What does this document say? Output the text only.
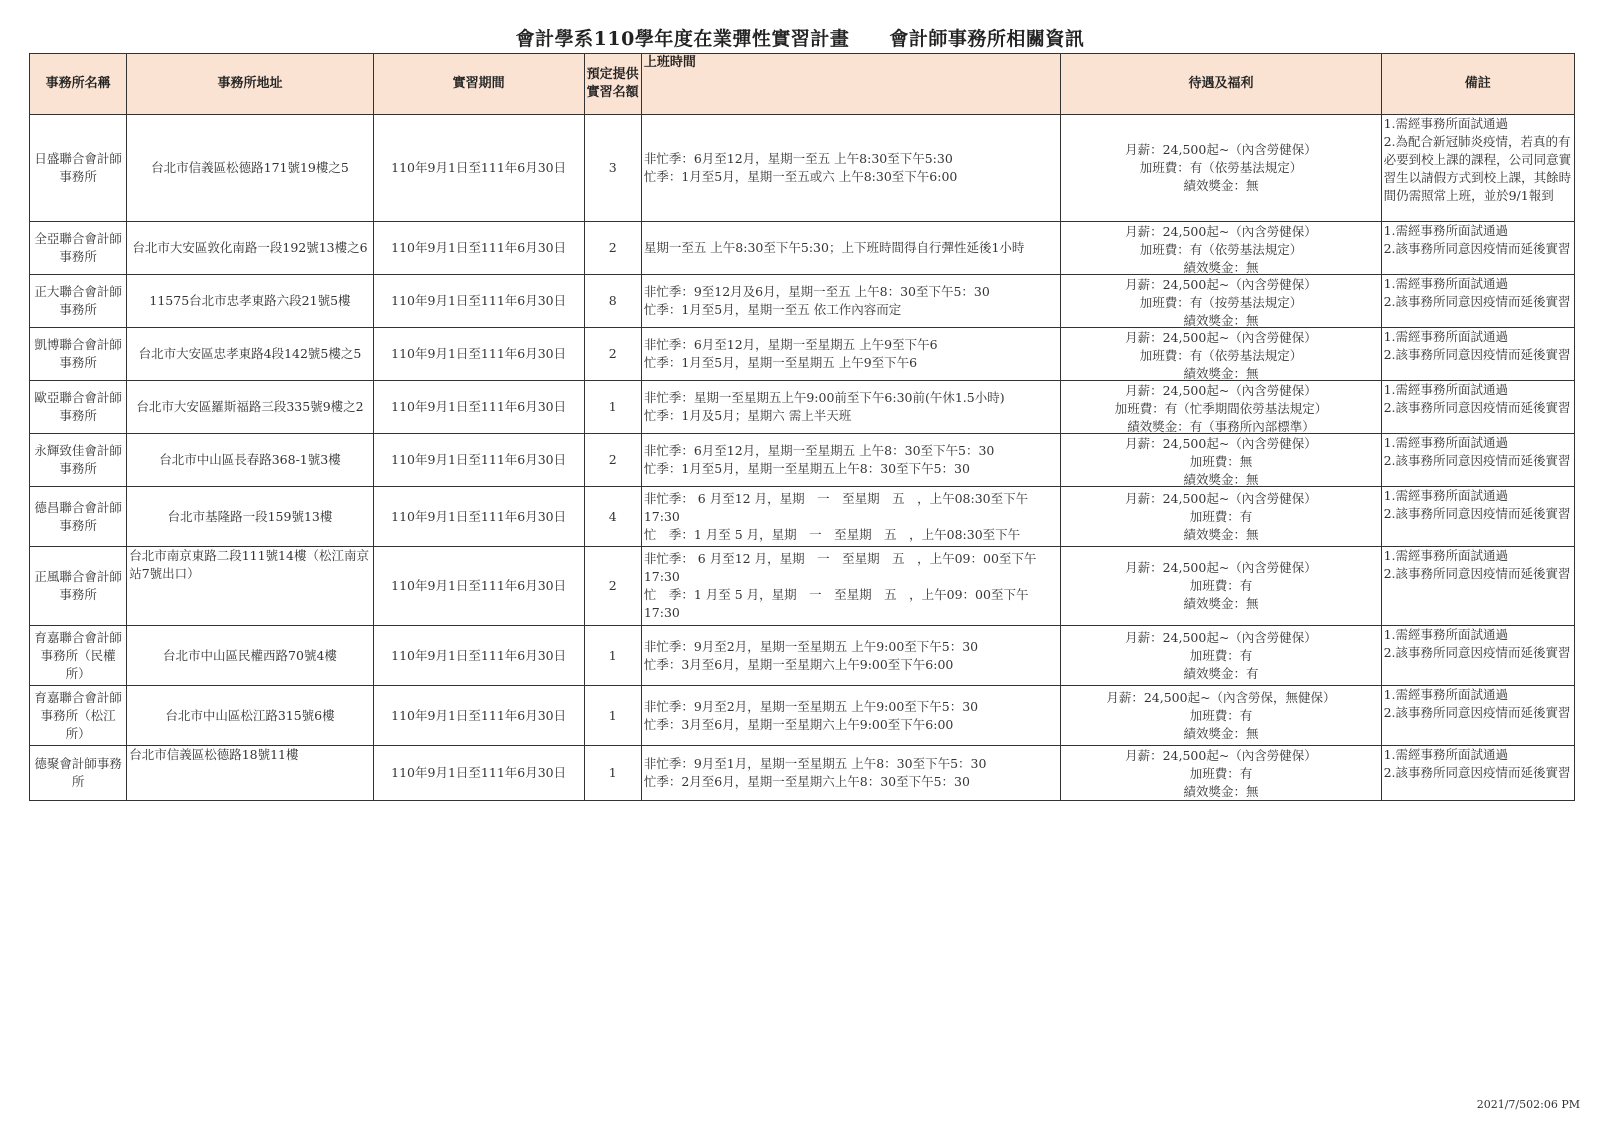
會計學系110學年度在業彈性實習計畫 會計師事務所相關資訊
事務所名稱	事務所地址	實習期間	預定提供實習名額	上班時間	待遇及福利	備註
日盛聯合會計師事務所	台北市信義區松德路171號19樓之5	110年9月1日至111年6月30日	3	非忙季：6月至12月，星期一至五 上午8:30至下午5:30
忙季：1月至5月，星期一至五或六 上午8:30至下午6:00	月薪：24,500起~（內含勞健保）
加班費：有（依勞基法規定）
績效獎金：無	1.需經事務所面試通過
2.為配合新冠肺炎疫情，若真的有必要到校上課的課程，公司同意實習生以請假方式到校上課，其餘時間仍需照常上班，並於9/1報到

全亞聯合會計師事務所	台北市大安區敦化南路一段192號13樓之6	110年9月1日至111年6月30日	2	星期一至五 上午8:30至下午5:30；上下班時間得自行彈性延後1小時	月薪：24,500起~（內含勞健保）
加班費：有（依勞基法規定）
績效獎金：無	1.需經事務所面試通過
2.該事務所同意因疫情而延後實習

正大聯合會計師事務所	11575台北市忠孝東路六段21號5樓	110年9月1日至111年6月30日	8	非忙季：9至12月及6月，星期一至五 上午8：30至下午5：30
忙季：1月至5月，星期一至五 依工作內容而定	月薪：24,500起~（內含勞健保）
加班費：有（按勞基法規定）
績效獎金：無	1.需經事務所面試通過
2.該事務所同意因疫情而延後實習

凱博聯合會計師事務所	台北市大安區忠孝東路4段142號5樓之5	110年9月1日至111年6月30日	2	非忙季：6月至12月，星期一至星期五 上午9至下午6
忙季：1月至5月，星期一至星期五 上午9至下午6	月薪：24,500起~（內含勞健保）
加班費：有（依勞基法規定）
績效獎金：無	1.需經事務所面試通過
2.該事務所同意因疫情而延後實習

歐亞聯合會計師事務所	台北市大安區羅斯福路三段335號9樓之2	110年9月1日至111年6月30日	1	非忙季：星期一至星期五上午9:00前至下午6:30前(午休1.5小時)
忙季：1月及5月；星期六 需上半天班	月薪：24,500起~（內含勞健保）
加班費：有（忙季期間依勞基法規定）
績效獎金：有（事務所內部標準）	1.需經事務所面試通過
2.該事務所同意因疫情而延後實習

永輝致佳會計師事務所	台北市中山區長春路368-1號3樓	110年9月1日至111年6月30日	2	非忙季：6月至12月，星期一至星期五 上午8：30至下午5：30
忙季：1月至5月，星期一至星期五上午8：30至下午5：30	月薪：24,500起~（內含勞健保）
加班費：無
績效獎金：無	1.需經事務所面試通過
2.該事務所同意因疫情而延後實習

德昌聯合會計師事務所	台北市基隆路一段159號13樓	110年9月1日至111年6月30日	4	非忙季： 6 月至12 月，星期　一　至星期　五　，上午08:30至下午17:30
忙　季：1 月至 5 月，星期　一　至星期　五　，上午08:30至下午	月薪：24,500起~（內含勞健保）
加班費：有
績效獎金：無	1.需經事務所面試通過
2.該事務所同意因疫情而延後實習

正風聯合會計師事務所	台北市南京東路二段111號14樓（松江南京站7號出口）	110年9月1日至111年6月30日	2	非忙季： 6 月至12 月，星期　一　至星期　五　，上午09：00至下午17:30
忙　季：1 月至 5 月，星期　一　至星期　五　，上午09：00至下午17:30	月薪：24,500起~（內含勞健保）
加班費：有
績效獎金：無	1.需經事務所面試通過
2.該事務所同意因疫情而延後實習

育嘉聯合會計師事務所（民權所）	台北市中山區民權西路70號4樓	110年9月1日至111年6月30日	1	非忙季：9月至2月，星期一至星期五 上午9:00至下午5：30
忙季：3月至6月，星期一至星期六上午9:00至下午6:00	月薪：24,500起~（內含勞健保）
加班費：有
績效獎金：有	1.需經事務所面試通過
2.該事務所同意因疫情而延後實習

育嘉聯合會計師事務所（松江所）	台北市中山區松江路315號6樓	110年9月1日至111年6月30日	1	非忙季：9月至2月，星期一至星期五 上午9:00至下午5：30
忙季：3月至6月，星期一至星期六上午9:00至下午6:00	月薪：24,500起~（內含勞保，無健保）
加班費：有
績效獎金：無	1.需經事務所面試通過
2.該事務所同意因疫情而延後實習

德聚會計師事務所	台北市信義區松德路18號11樓	110年9月1日至111年6月30日	1	非忙季：9月至1月，星期一至星期五 上午8：30至下午5：30
忙季：2月至6月，星期一至星期六上午8：30至下午5：30	月薪：24,500起~（內含勞健保）
加班費：有
績效獎金：無	1.需經事務所面試通過
2.該事務所同意因疫情而延後實習
2021/7/502:06 PM
